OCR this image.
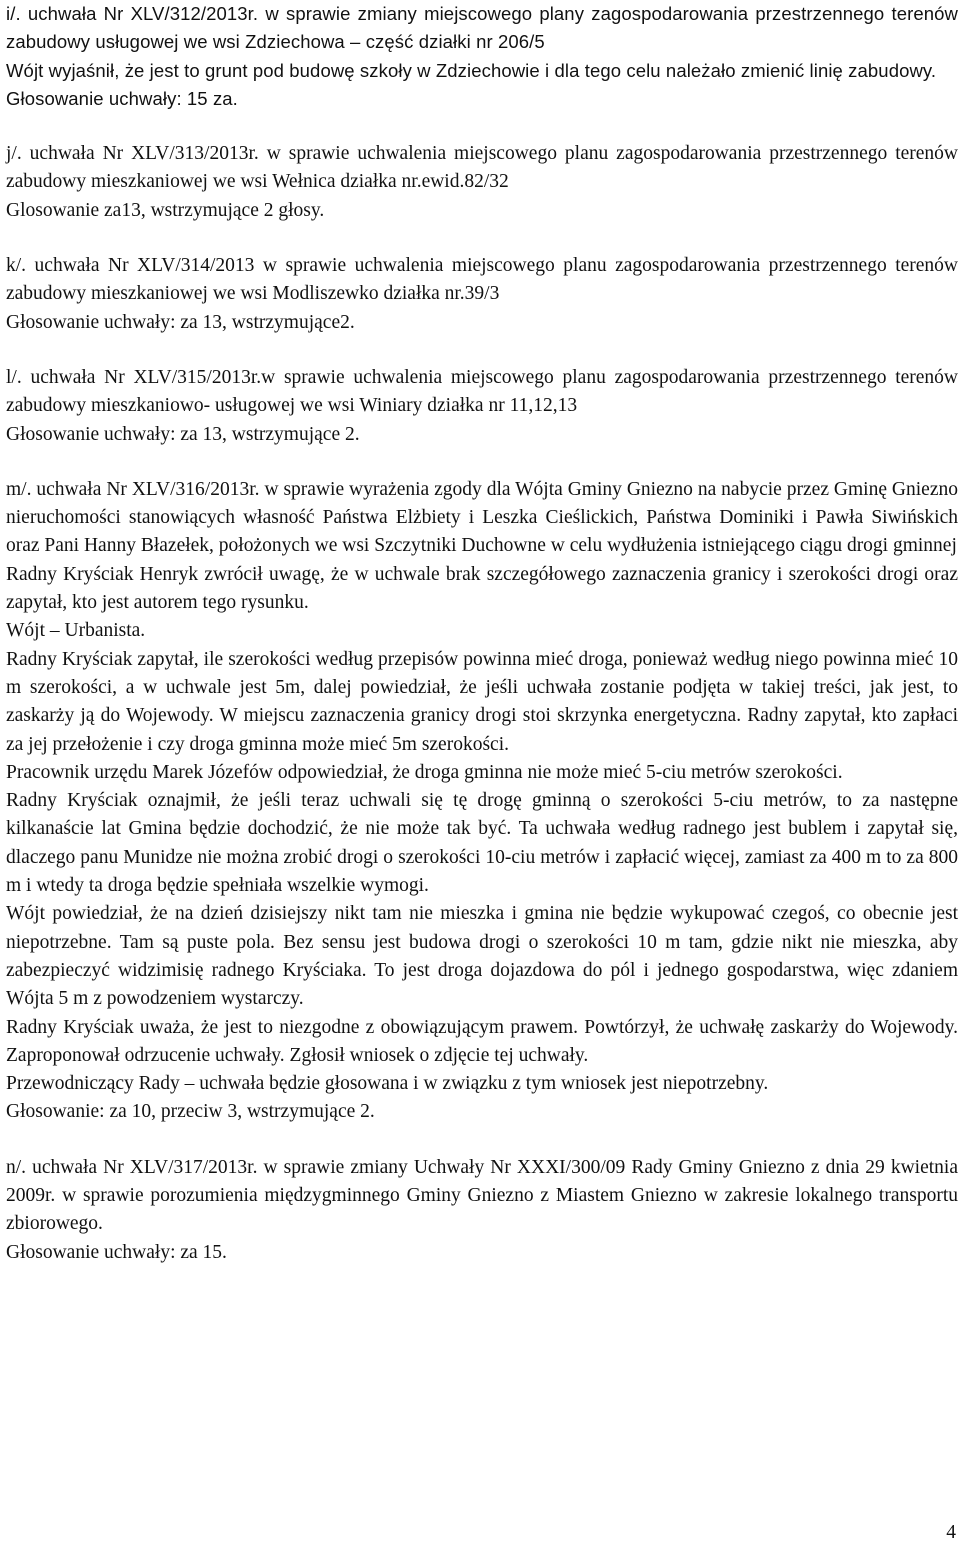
i/. uchwała Nr XLV/312/2013r. w sprawie zmiany miejscowego plany zagospodarowania przestrzennego terenów zabudowy usługowej we wsi Zdziechowa – część działki nr 206/5

Wójt wyjaśnił, że jest to grunt pod budowę szkoły w Zdziechowie i dla tego celu należało zmienić linię zabudowy.

Głosowanie uchwały: 15 za.

j/. uchwała Nr XLV/313/2013r. w sprawie uchwalenia miejscowego planu zagospodarowania przestrzennego terenów zabudowy mieszkaniowej we wsi Wełnica działka nr.ewid.82/32

Glosowanie za13, wstrzymujące 2 głosy.

k/. uchwała Nr XLV/314/2013 w sprawie uchwalenia miejscowego planu zagospodarowania przestrzennego terenów zabudowy mieszkaniowej we wsi Modliszewko działka nr.39/3

Głosowanie uchwały: za 13, wstrzymujące2.

l/. uchwała Nr XLV/315/2013r.w sprawie uchwalenia miejscowego planu zagospodarowania przestrzennego terenów zabudowy mieszkaniowo- usługowej we wsi Winiary działka nr 11,12,13

Głosowanie uchwały: za 13, wstrzymujące 2.

m/. uchwała Nr XLV/316/2013r. w sprawie wyrażenia zgody dla Wójta Gminy Gniezno na nabycie przez Gminę Gniezno nieruchomości stanowiących własność Państwa Elżbiety i Leszka Cieślickich, Państwa Dominiki i Pawła Siwińskich oraz Pani Hanny Błazełek, położonych we wsi Szczytniki Duchowne w celu wydłużenia istniejącego ciągu drogi gminnej

Radny Kryściak Henryk zwrócił uwagę, że w uchwale brak szczegółowego zaznaczenia granicy i szerokości drogi oraz zapytał, kto jest autorem tego rysunku.

Wójt – Urbanista.

Radny Kryściak zapytał, ile szerokości według przepisów powinna mieć droga, ponieważ według niego powinna mieć 10 m szerokości, a w uchwale jest 5m, dalej powiedział, że jeśli uchwała zostanie podjęta w takiej treści, jak jest, to zaskarży ją do Wojewody. W miejscu zaznaczenia granicy drogi stoi skrzynka energetyczna. Radny zapytał, kto zapłaci za jej przełożenie i czy droga gminna może mieć 5m szerokości.

Pracownik urzędu Marek Józefów odpowiedział, że droga gminna nie może mieć 5-ciu metrów szerokości.

Radny Kryściak oznajmił, że jeśli teraz uchwali się tę drogę gminną o szerokości 5-ciu metrów, to za następne kilkanaście lat Gmina będzie dochodzić, że nie może tak być. Ta uchwała według radnego jest bublem i zapytał się, dlaczego panu Munidze nie można zrobić drogi o szerokości 10-ciu metrów i zapłacić więcej, zamiast za 400 m to za 800 m i wtedy ta droga będzie spełniała wszelkie wymogi.

Wójt powiedział, że na dzień dzisiejszy nikt tam nie mieszka i gmina nie będzie wykupować czegoś, co obecnie jest niepotrzebne. Tam są puste pola. Bez sensu jest budowa drogi o szerokości 10 m tam, gdzie nikt nie mieszka, aby zabezpieczyć widzimisię radnego Kryściaka. To jest droga dojazdowa do pól i jednego gospodarstwa, więc zdaniem Wójta 5 m z powodzeniem wystarczy.

Radny Kryściak uważa, że jest to niezgodne z obowiązującym prawem. Powtórzył, że uchwałę zaskarży do Wojewody. Zaproponował odrzucenie uchwały. Zgłosił wniosek o zdjęcie tej uchwały.

Przewodniczący Rady – uchwała będzie głosowana i w związku z tym wniosek jest niepotrzebny.

Głosowanie: za 10, przeciw 3, wstrzymujące 2.

n/. uchwała Nr XLV/317/2013r. w sprawie zmiany Uchwały Nr XXXI/300/09 Rady Gminy Gniezno z dnia 29 kwietnia 2009r. w sprawie porozumienia międzygminnego Gminy Gniezno z Miastem Gniezno w zakresie lokalnego transportu zbiorowego.

Głosowanie uchwały: za 15.

4
